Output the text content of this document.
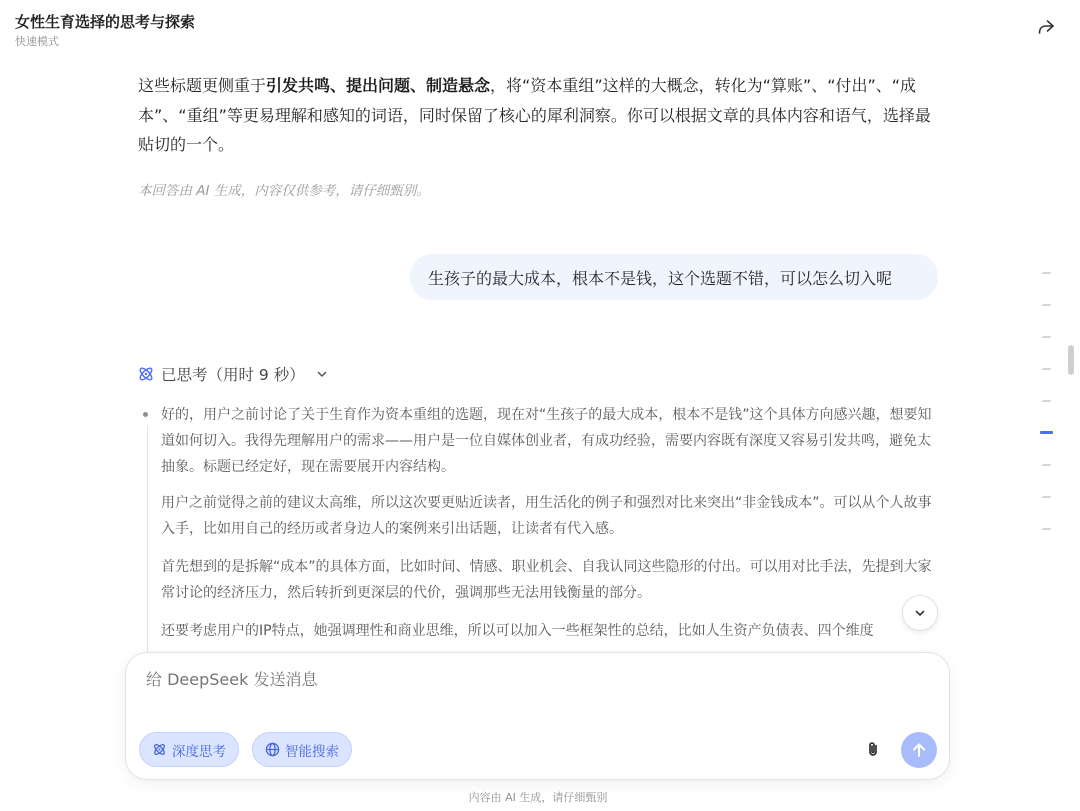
女性生育选择的思考与探索
快速模式
这些标题更侧重于引发共鸣、提出问题、制造悬念，将“资本重组”这样的大概念，转化为“算账”、“付出”、“成本”、“重组”等更易理解和感知的词语，同时保留了核心的犀利洞察。你可以根据文章的具体内容和语气，选择最贴切的一个。
本回答由 AI 生成，内容仅供参考，请仔细甄别。
生孩子的最大成本，根本不是钱，这个选题不错，可以怎么切入呢
已思考（用时 9 秒）
好的，用户之前讨论了关于生育作为资本重组的选题，现在对“生孩子的最大成本，根本不是钱”这个具体方向感兴趣，想要知道如何切入。我得先理解用户的需求——用户是一位自媒体创业者，有成功经验，需要内容既有深度又容易引发共鸣，避免太抽象。标题已经定好，现在需要展开内容结构。
用户之前觉得之前的建议太高维，所以这次要更贴近读者，用生活化的例子和强烈对比来突出“非金钱成本”。可以从个人故事入手，比如用自己的经历或者身边人的案例来引出话题，让读者有代入感。
首先想到的是拆解“成本”的具体方面，比如时间、情感、职业机会、自我认同这些隐形的付出。可以用对比手法，先提到大家常讨论的经济压力，然后转折到更深层的代价，强调那些无法用钱衡量的部分。
还要考虑用户的IP特点，她强调理性和商业思维，所以可以加入一些框架性的总结，比如人生资产负债表、四个维度
给 DeepSeek 发送消息
深度思考	智能搜索
内容由 AI 生成，请仔细甄别
